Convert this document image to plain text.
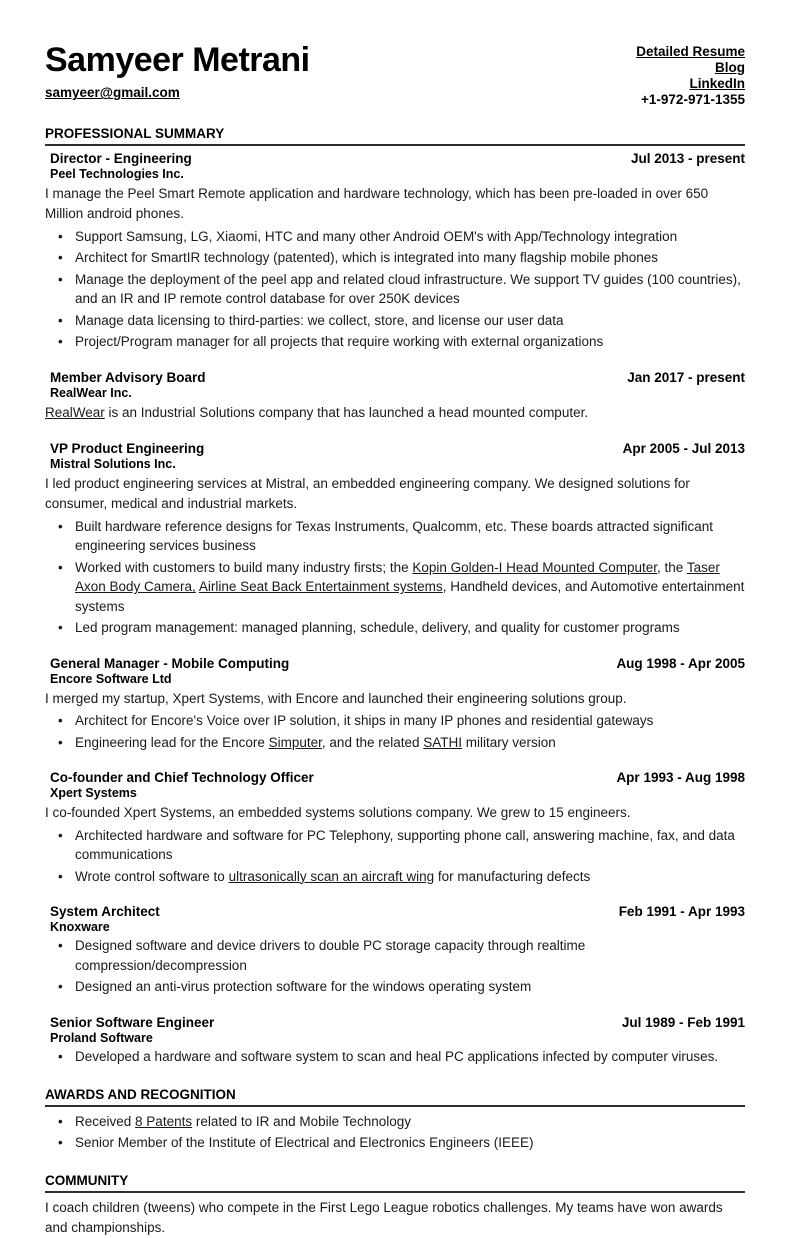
Samyeer Metrani
samyeer@gmail.com
Detailed Resume
Blog
LinkedIn
+1-972-971-1355
PROFESSIONAL SUMMARY
Director - Engineering	Jul 2013 - present
Peel Technologies Inc.

I manage the Peel Smart Remote application and hardware technology, which has been pre-loaded in over 650 Million android phones.

• Support Samsung, LG, Xiaomi, HTC and many other Android OEM's with App/Technology integration
• Architect for SmartIR technology (patented), which is integrated into many flagship mobile phones
• Manage the deployment of the peel app and related cloud infrastructure. We support TV guides (100 countries), and an IR and IP remote control database for over 250K devices
• Manage data licensing to third-parties: we collect, store, and license our user data
• Project/Program manager for all projects that require working with external organizations
Member Advisory Board	Jan 2017 - present
RealWear Inc.

RealWear is an Industrial Solutions company that has launched a head mounted computer.

VP Product Engineering	Apr 2005 - Jul 2013
Mistral Solutions Inc.

I led product engineering services at Mistral, an embedded engineering company. We designed solutions for consumer, medical and industrial markets.

• Built hardware reference designs for Texas Instruments, Qualcomm, etc. These boards attracted significant engineering services business
• Worked with customers to build many industry firsts; the Kopin Golden-I Head Mounted Computer, the Taser Axon Body Camera, Airline Seat Back Entertainment systems, Handheld devices, and Automotive entertainment systems
• Led program management: managed planning, schedule, delivery, and quality for customer programs
General Manager - Mobile Computing	Aug 1998 - Apr 2005
Encore Software Ltd

I merged my startup, Xpert Systems, with Encore and launched their engineering solutions group.

• Architect for Encore's Voice over IP solution, it ships in many IP phones and residential gateways
• Engineering lead for the Encore Simputer, and the related SATHI military version
Co-founder and Chief Technology Officer	Apr 1993 - Aug 1998
Xpert Systems

I co-founded Xpert Systems, an embedded systems solutions company. We grew to 15 engineers.

• Architected hardware and software for PC Telephony, supporting phone call, answering machine, fax, and data communications
• Wrote control software to ultrasonically scan an aircraft wing for manufacturing defects
System Architect	Feb 1991 - Apr 1993
Knoxware
• Designed software and device drivers to double PC storage capacity through realtime compression/decompression
• Designed an anti-virus protection software for the windows operating system
Senior Software Engineer	Jul 1989 - Feb 1991
Proland Software
• Developed a hardware and software system to scan and heal PC applications infected by computer viruses.
AWARDS AND RECOGNITION
• Received 8 Patents related to IR and Mobile Technology
• Senior Member of the Institute of Electrical and Electronics Engineers (IEEE)
COMMUNITY

I coach children (tweens) who compete in the First Lego League robotics challenges. My teams have won awards and championships.
